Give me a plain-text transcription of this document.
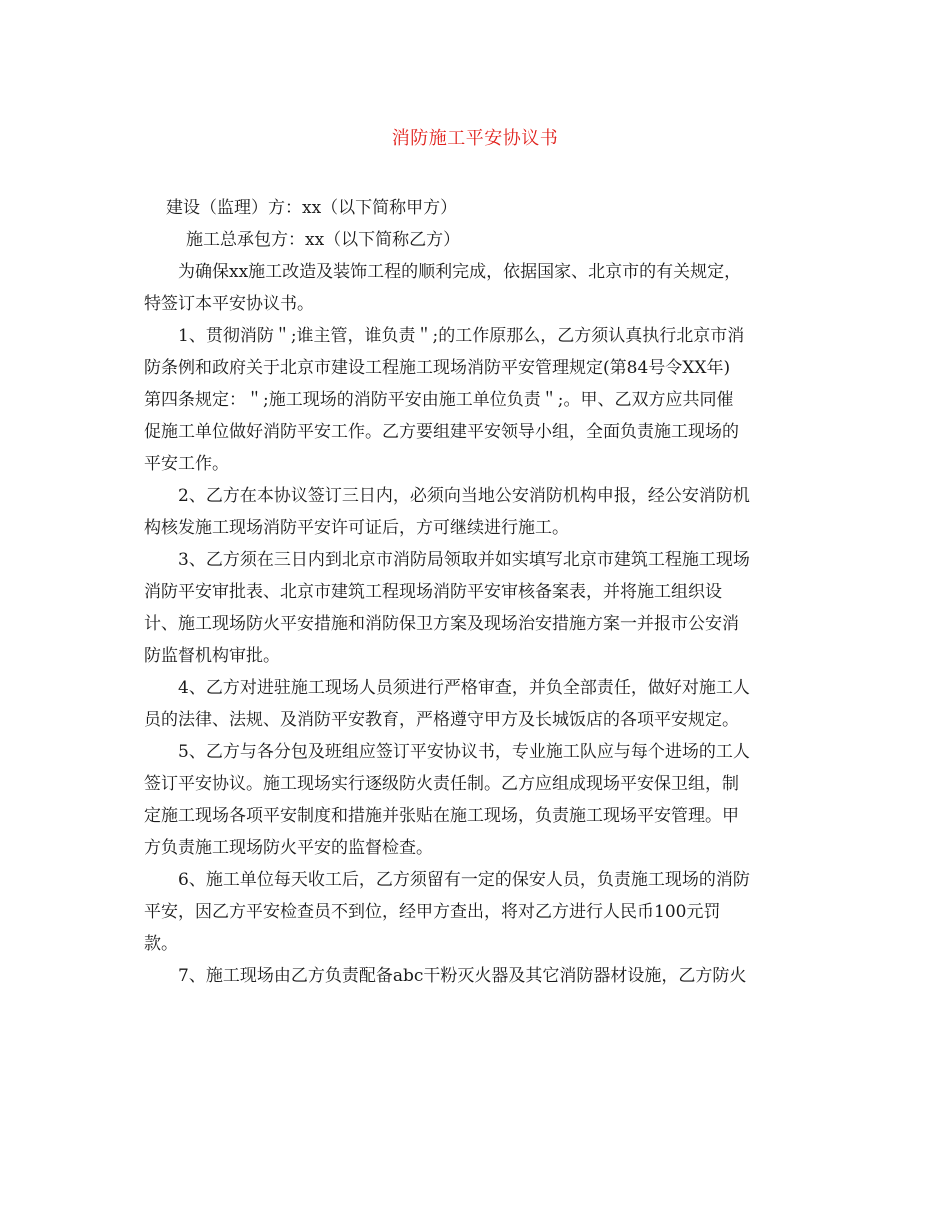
消防施工平安协议书
建设（监理）方：xx（以下简称甲方）
施工总承包方：xx（以下简称乙方）
为确保xx施工改造及装饰工程的顺利完成，依据国家、北京市的有关规定，
特签订本平安协议书。
1、贯彻消防＂;谁主管，谁负责＂;的工作原那么，乙方须认真执行北京市消
防条例和政府关于北京市建设工程施工现场消防平安管理规定(第84号令XX年)
第四条规定：＂;施工现场的消防平安由施工单位负责＂;。甲、乙双方应共同催
促施工单位做好消防平安工作。乙方要组建平安领导小组，全面负责施工现场的
平安工作。
2、乙方在本协议签订三日内，必须向当地公安消防机构申报，经公安消防机
构核发施工现场消防平安许可证后，方可继续进行施工。
3、乙方须在三日内到北京市消防局领取并如实填写北京市建筑工程施工现场
消防平安审批表、北京市建筑工程现场消防平安审核备案表，并将施工组织设
计、施工现场防火平安措施和消防保卫方案及现场治安措施方案一并报市公安消
防监督机构审批。
4、乙方对进驻施工现场人员须进行严格审查，并负全部责任，做好对施工人
员的法律、法规、及消防平安教育，严格遵守甲方及长城饭店的各项平安规定。
5、乙方与各分包及班组应签订平安协议书，专业施工队应与每个进场的工人
签订平安协议。施工现场实行逐级防火责任制。乙方应组成现场平安保卫组，制
定施工现场各项平安制度和措施并张贴在施工现场，负责施工现场平安管理。甲
方负责施工现场防火平安的监督检查。
6、施工单位每天收工后，乙方须留有一定的保安人员，负责施工现场的消防
平安，因乙方平安检查员不到位，经甲方查出，将对乙方进行人民币100元罚
款。
7、施工现场由乙方负责配备abc干粉灭火器及其它消防器材设施，乙方防火
